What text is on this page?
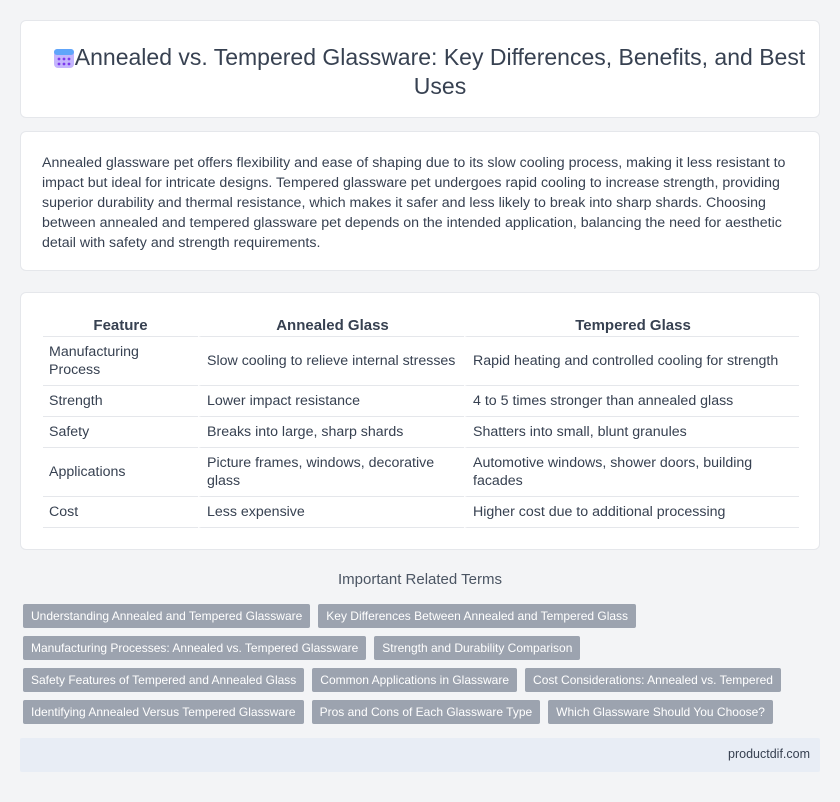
Annealed vs. Tempered Glassware: Key Differences, Benefits, and Best Uses

Annealed glassware pet offers flexibility and ease of shaping due to its slow cooling process, making it less resistant to impact but ideal for intricate designs. Tempered glassware pet undergoes rapid cooling to increase strength, providing superior durability and thermal resistance, which makes it safer and less likely to break into sharp shards. Choosing between annealed and tempered glassware pet depends on the intended application, balancing the need for aesthetic detail with safety and strength requirements.

Feature	Annealed Glass	Tempered Glass
Manufacturing Process	Slow cooling to relieve internal stresses	Rapid heating and controlled cooling for strength
Strength	Lower impact resistance	4 to 5 times stronger than annealed glass
Safety	Breaks into large, sharp shards	Shatters into small, blunt granules
Applications	Picture frames, windows, decorative glass	Automotive windows, shower doors, building facades
Cost	Less expensive	Higher cost due to additional processing
Important Related Terms
Understanding Annealed and Tempered Glassware	Key Differences Between Annealed and Tempered Glass
Manufacturing Processes: Annealed vs. Tempered Glassware	Strength and Durability Comparison
Safety Features of Tempered and Annealed Glass	Common Applications in Glassware	Cost Considerations: Annealed vs. Tempered
Identifying Annealed Versus Tempered Glassware	Pros and Cons of Each Glassware Type	Which Glassware Should You Choose?
productdif.com
